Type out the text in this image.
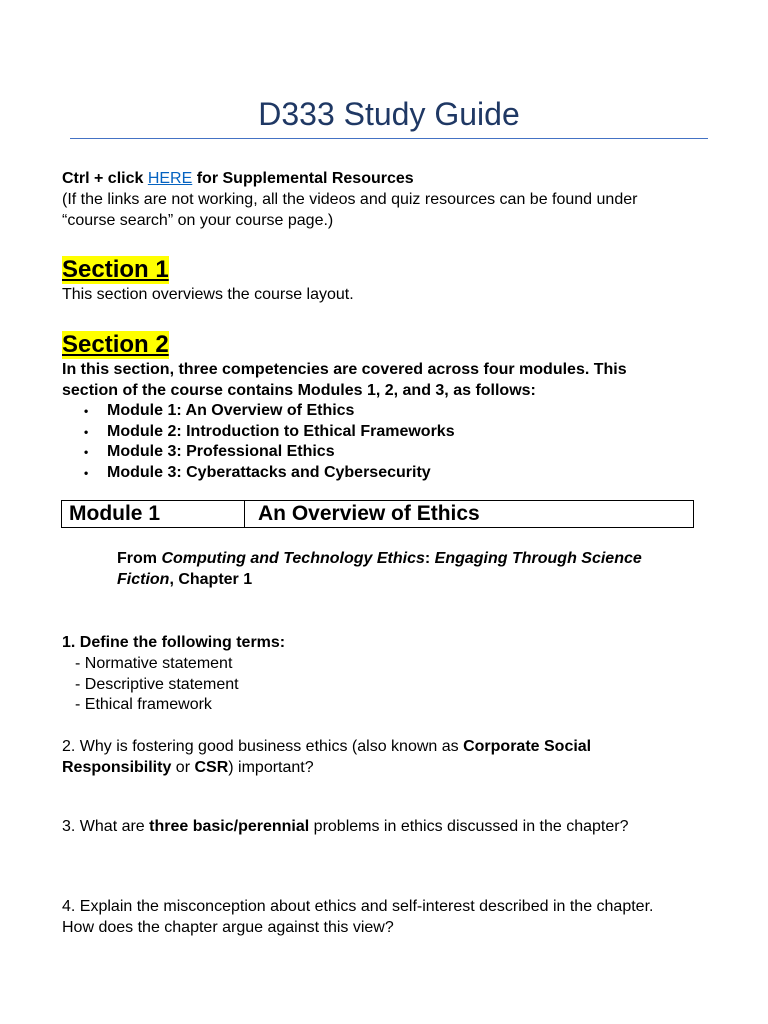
D333 Study Guide
Ctrl + click HERE for Supplemental Resources
(If the links are not working, all the videos and quiz resources can be found under
“course search” on your course page.)
Section 1
This section overviews the course layout.
Section 2
In this section, three competencies are covered across four modules. This
section of the course contains Modules 1, 2, and 3, as follows:
• Module 1: An Overview of Ethics
• Module 2: Introduction to Ethical Frameworks
• Module 3: Professional Ethics
• Module 3: Cyberattacks and Cybersecurity
Module 1	An Overview of Ethics
From Computing and Technology Ethics: Engaging Through Science
Fiction, Chapter 1
1. Define the following terms:
- Normative statement
- Descriptive statement
- Ethical framework
2. Why is fostering good business ethics (also known as Corporate Social
Responsibility or CSR) important?
3. What are three basic/perennial problems in ethics discussed in the chapter?
4. Explain the misconception about ethics and self-interest described in the chapter.
How does the chapter argue against this view?
